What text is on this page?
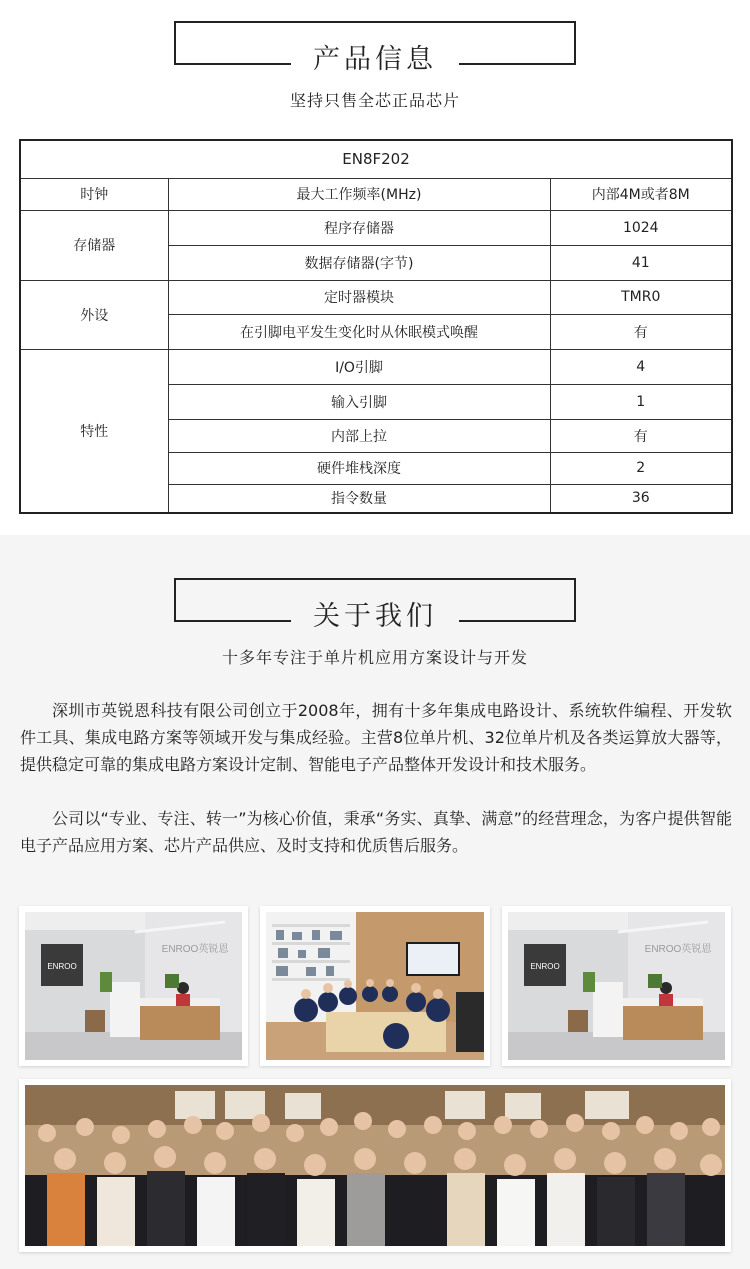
产品信息
坚持只售全芯正品芯片
EN8F202		
时钟	最大工作频率(MHz)	内部4M或者8M
存储器	程序存储器	1024
	数据存储器(字节)	41
外设	定时器模块	TMR0
	在引脚电平发生变化时从休眠模式唤醒	有
特性	I/O引脚	4
	输入引脚	1
	内部上拉	有
	硬件堆栈深度	2
	指令数量	36
关于我们
十多年专注于单片机应用方案设计与开发

深圳市英锐恩科技有限公司创立于2008年，拥有十多年集成电路设计、系统软件编程、开发软件工具、集成电路方案等领域开发与集成经验。主营8位单片机、32位单片机及各类运算放大器等，提供稳定可靠的集成电路方案设计定制、智能电子产品整体开发设计和技术服务。

公司以“专业、专注、转一”为核心价值，秉承“务实、真挚、满意”的经营理念，为客户提供智能电子产品应用方案、芯片产品供应、及时支持和优质售后服务。

ENROO
ENROO英锐恩
ENROO
ENROO英锐恩
